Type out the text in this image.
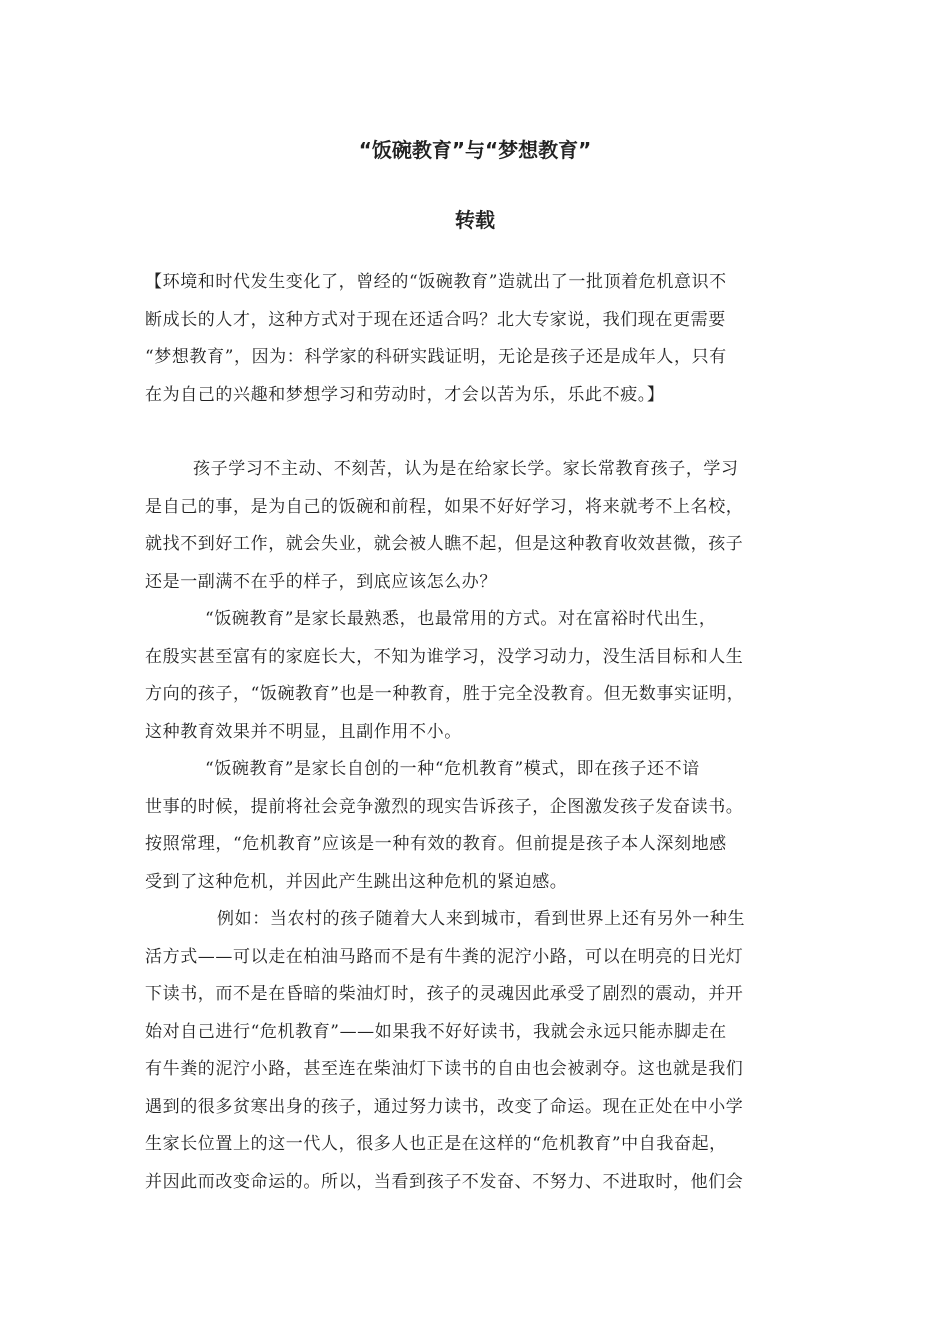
“饭碗教育”与“梦想教育”
转载
【环境和时代发生变化了，曾经的“饭碗教育”造就出了一批顶着危机意识不
断成长的人才，这种方式对于现在还适合吗？北大专家说，我们现在更需要
“梦想教育”，因为：科学家的科研实践证明，无论是孩子还是成年人，只有
在为自己的兴趣和梦想学习和劳动时，才会以苦为乐，乐此不疲。】
孩子学习不主动、不刻苦，认为是在给家长学。家长常教育孩子，学习
是自己的事，是为自己的饭碗和前程，如果不好好学习，将来就考不上名校，
就找不到好工作，就会失业，就会被人瞧不起，但是这种教育收效甚微，孩子
还是一副满不在乎的样子，到底应该怎么办？
“饭碗教育”是家长最熟悉，也最常用的方式。对在富裕时代出生，
在殷实甚至富有的家庭长大，不知为谁学习，没学习动力，没生活目标和人生
方向的孩子，“饭碗教育”也是一种教育，胜于完全没教育。但无数事实证明，
这种教育效果并不明显，且副作用不小。
“饭碗教育”是家长自创的一种“危机教育”模式，即在孩子还不谙
世事的时候，提前将社会竞争激烈的现实告诉孩子，企图激发孩子发奋读书。
按照常理，“危机教育”应该是一种有效的教育。但前提是孩子本人深刻地感
受到了这种危机，并因此产生跳出这种危机的紧迫感。
例如：当农村的孩子随着大人来到城市，看到世界上还有另外一种生
活方式——可以走在柏油马路而不是有牛粪的泥泞小路，可以在明亮的日光灯
下读书，而不是在昏暗的柴油灯时，孩子的灵魂因此承受了剧烈的震动，并开
始对自己进行“危机教育”——如果我不好好读书，我就会永远只能赤脚走在
有牛粪的泥泞小路，甚至连在柴油灯下读书的自由也会被剥夺。这也就是我们
遇到的很多贫寒出身的孩子，通过努力读书，改变了命运。现在正处在中小学
生家长位置上的这一代人，很多人也正是在这样的“危机教育”中自我奋起，
并因此而改变命运的。所以，当看到孩子不发奋、不努力、不进取时，他们会
